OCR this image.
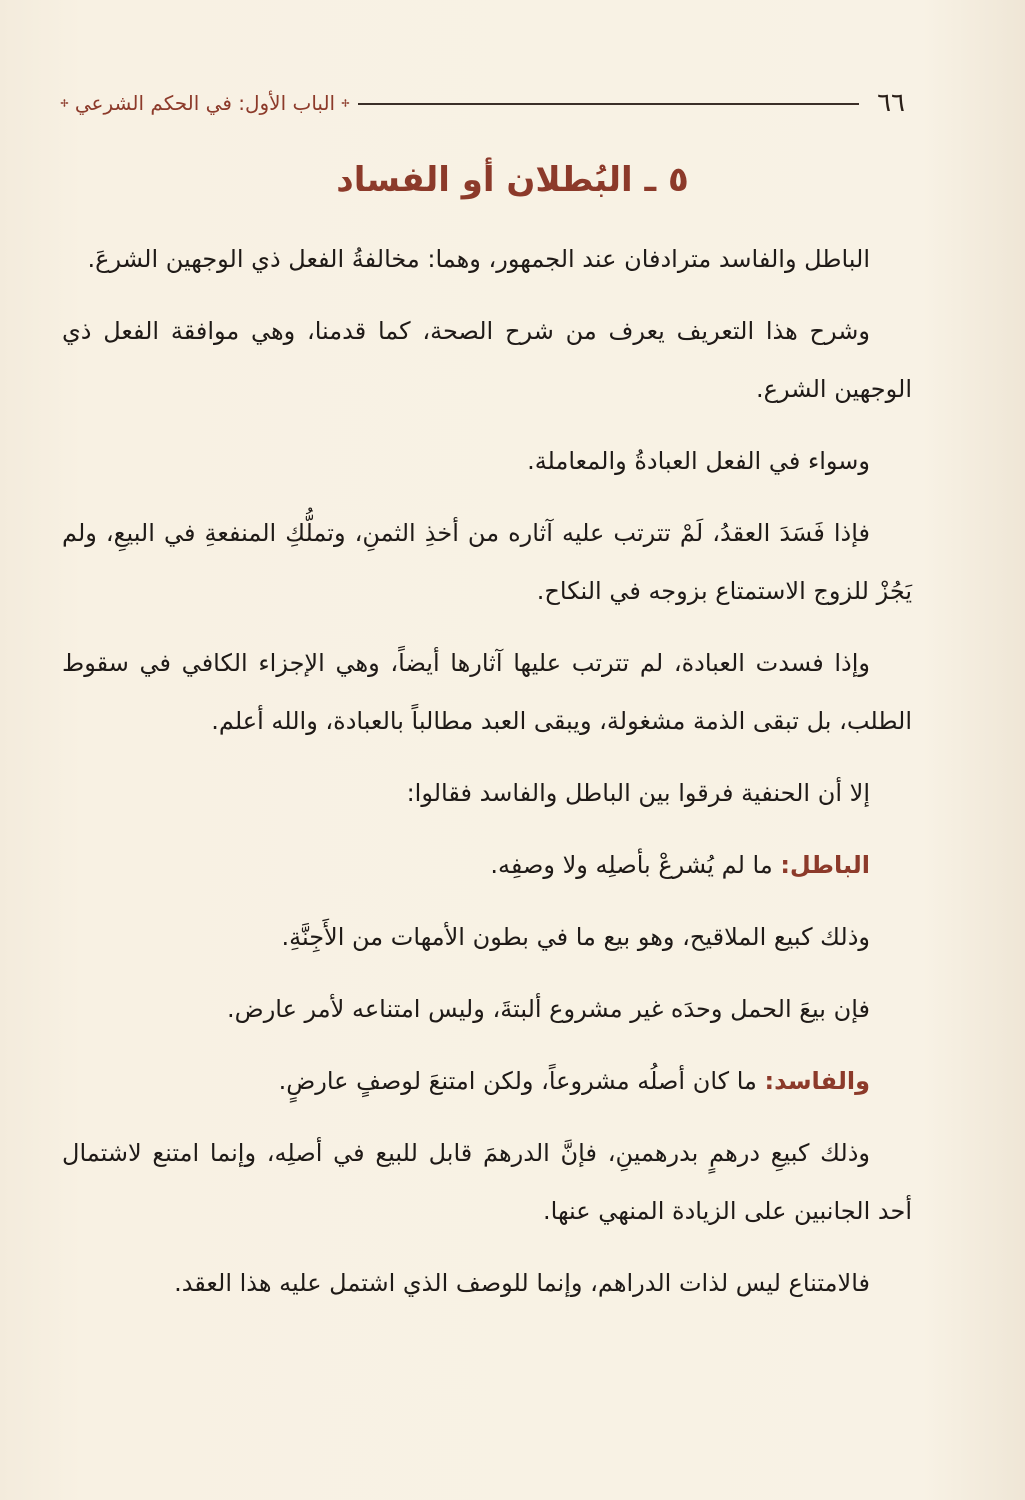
٦٦
الباب الأول: في الحكم الشرعي
٥ ـ البُطلان أو الفساد

الباطل والفاسد مترادفان عند الجمهور، وهما: مخالفةُ الفعل ذي الوجهين الشرعَ.

وشرح هذا التعريف يعرف من شرح الصحة، كما قدمنا، وهي موافقة الفعل ذي الوجهين الشرع.

وسواء في الفعل العبادةُ والمعاملة.

فإذا فَسَدَ العقدُ، لَمْ تترتب عليه آثاره من أخذِ الثمنِ، وتملُّكِ المنفعةِ في البيعِ، ولم يَجُزْ للزوج الاستمتاع بزوجه في النكاح.

وإذا فسدت العبادة، لم تترتب عليها آثارها أيضاً، وهي الإجزاء الكافي في سقوط الطلب، بل تبقى الذمة مشغولة، ويبقى العبد مطالباً بالعبادة، والله أعلم.

إلا أن الحنفية فرقوا بين الباطل والفاسد فقالوا:

الباطل: ما لم يُشرعْ بأصلِه ولا وصفِه.

وذلك كبيع الملاقيح، وهو بيع ما في بطون الأمهات من الأَجِنَّةِ.

فإن بيعَ الحمل وحدَه غير مشروع ألبتةَ، وليس امتناعه لأمر عارض.

والفاسد: ما كان أصلُه مشروعاً، ولكن امتنعَ لوصفٍ عارضٍ.

وذلك كبيعِ درهمٍ بدرهمينِ، فإنَّ الدرهمَ قابل للبيع في أصلِه، وإنما امتنع لاشتمال أحد الجانبين على الزيادة المنهي عنها.

فالامتناع ليس لذات الدراهم، وإنما للوصف الذي اشتمل عليه هذا العقد.
